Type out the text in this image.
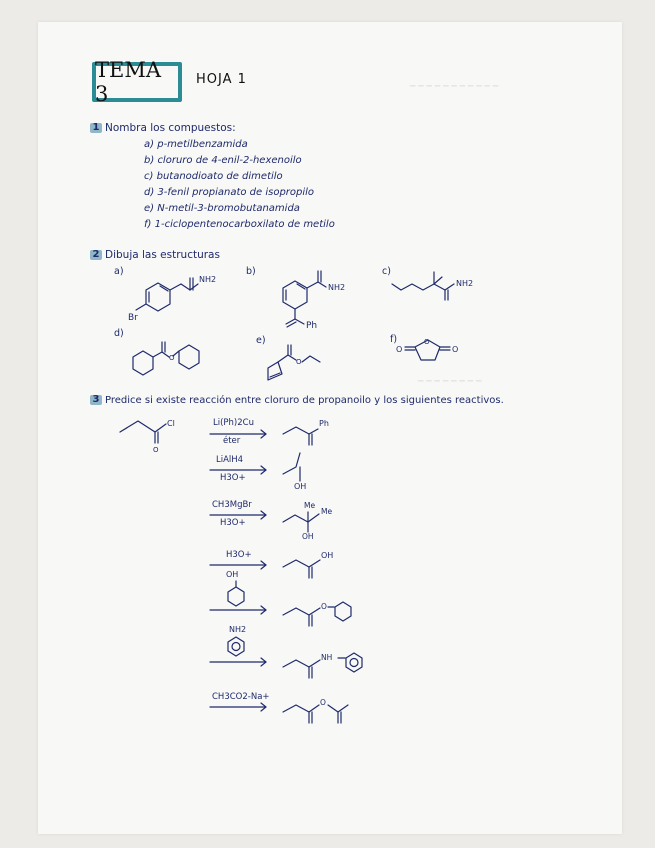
TEMA 3
HOJA 1	─ ─ ─ ─ ─ ─ ─ ─ ─ ─ ─
─ ─ ─ ─ ─ ─ ─ ─
1 Nombra los compuestos:
a) p-metilbenzamida
b) cloruro de 4-enil-2-hexenoilo
c) butanodioato de dimetilo
d) 3-fenil propianato de isopropilo
e) N-metil-3-bromobutanamida
f) 1-ciclopentenocarboxilato de metilo
2 Dibuja las estructuras
a)	b)	c)
d)
e)	f)
Br
NH2
NH2
Ph
NH2
O	O
O	O
O
Cl
O
3 Predice si existe reacción entre cloruro de propanoilo y los siguientes reactivos.
Li(Ph)2Cu
éter
LiAlH4
H3O+
CH3MgBr
H3O+
H3O+
OH
NH2
CH3CO2-Na+
Ph
OH
Me
Me
OH
OH
O
NH
O
